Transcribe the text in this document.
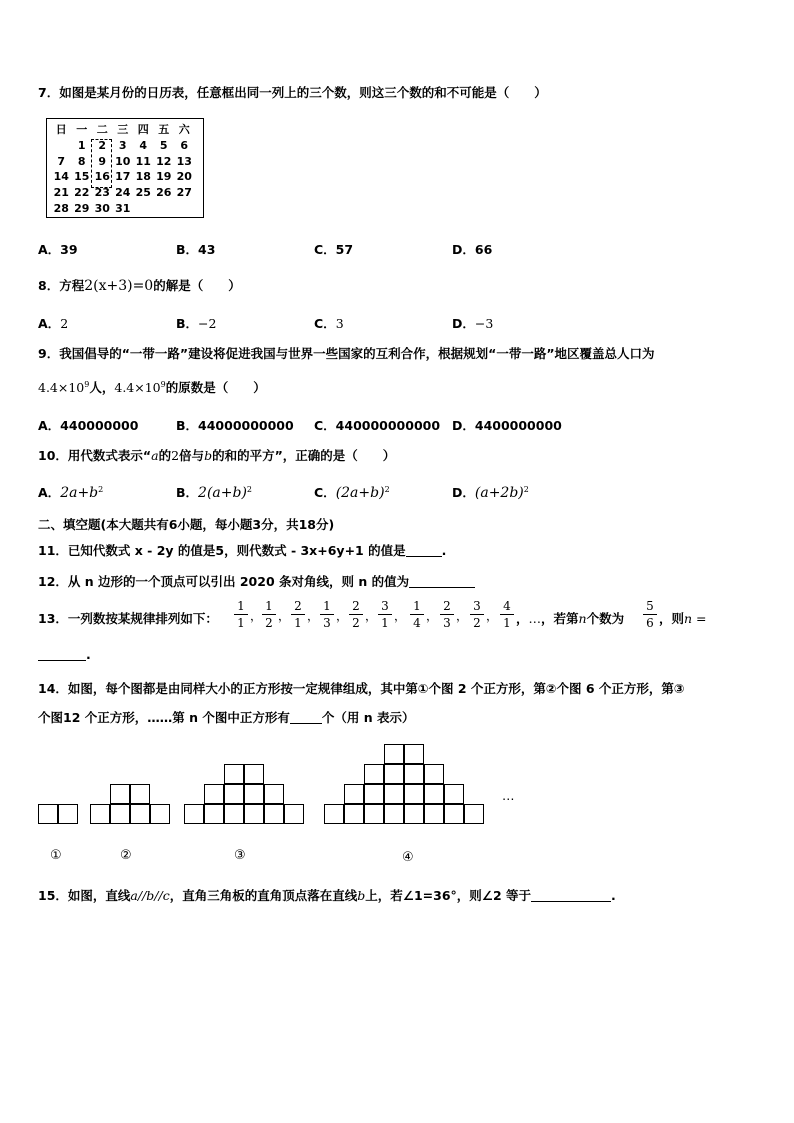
7．如图是某月份的日历表，任意框出同一列上的三个数，则这三个数的和不可能是（　　）
日	一	二	三	四	五	六
	1	2	3	4	5	6
7	8	9	10	11	12	13
14	15	16	17	18	19	20
21	22	23	24	25	26	27
28	29	30	31			
A．39	B．43	C．57	D．66
8．方程2(x+3)=0的解是（　　）
A．2	B．−2	C．3	D．−3
9．我国倡导的“一带一路”建设将促进我国与世界一些国家的互利合作，根据规划“一带一路”地区覆盖总人口为
$4.4\times 10^9$人，$4.4\times 10^9$的原数是（　　）
A．440000000	B．44000000000 C．440000000000 D．4400000000
10．用代数式表示“a的2倍与b的和的平方”，正确的是（　　）
A．$2a+b^2$	B．$2(a+b)^2$	C．$(2a+b)^2$	D．$(a+2b)^2$
二、填空题(本大题共有6小题，每小题3分，共18分)
11．已知代数式 x - 2y 的值是5，则代数式 - 3x+6y+1 的值是	.
12．从 n 边形的一个顶点可以引出 2020 条对角线，则 n 的值为
13．一列数按某规律排列如下：
1
1 ，
1
2 ，
2
1 ，
1
3 ，
2
2 ，
3
1 ，
1
4 ，
2
3 ，
3
2 ，
4
1 ，…，若第n个数为
5
6 ，则n =
.
14．如图，每个图都是由同样大小的正方形按一定规律组成，其中第①个图 2 个正方形，第②个图 6 个正方形，第③
个图12 个正方形，……第 n 个图中正方形有	个（用 n 表示）
①	②	③	④
…
15．如图，直线a//b//c，直角三角板的直角顶点落在直线b上，若∠1=36°，则∠2 等于	.
